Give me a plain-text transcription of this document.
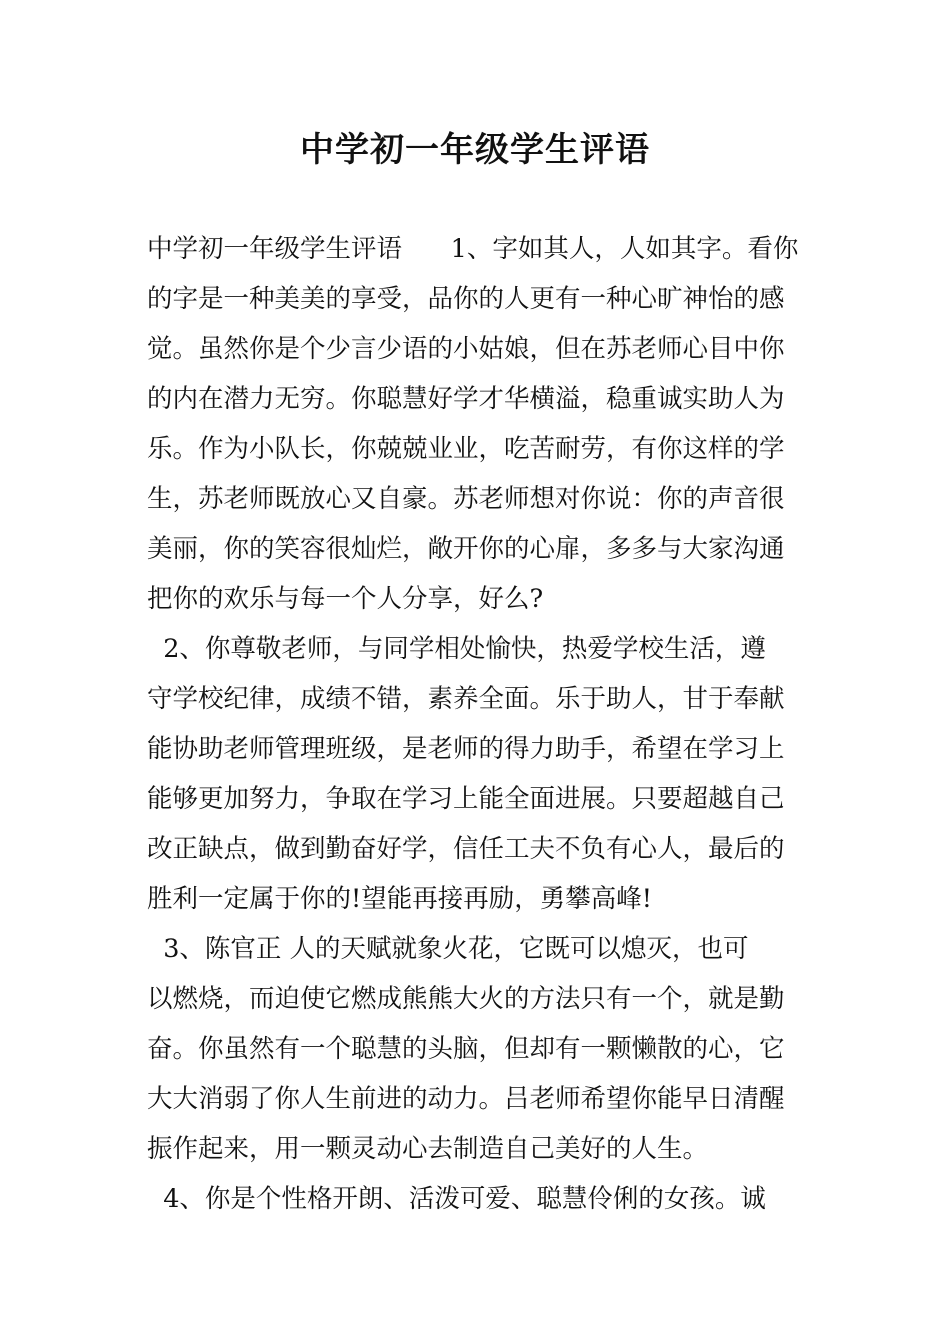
中学初一年级学生评语

中学初一年级学生评语      1、字如其人，人如其字。看你

的字是一种美美的享受，品你的人更有一种心旷神怡的感

觉。虽然你是个少言少语的小姑娘，但在苏老师心目中你

的内在潜力无穷。你聪慧好学才华横溢，稳重诚实助人为

乐。作为小队长，你兢兢业业，吃苦耐劳，有你这样的学

生，苏老师既放心又自豪。苏老师想对你说：你的声音很

美丽，你的笑容很灿烂，敞开你的心扉，多多与大家沟通

把你的欢乐与每一个人分享，好么?

2、你尊敬老师，与同学相处愉快，热爱学校生活，遵

守学校纪律，成绩不错，素养全面。乐于助人，甘于奉献

能协助老师管理班级，是老师的得力助手，希望在学习上

能够更加努力，争取在学习上能全面进展。只要超越自己

改正缺点，做到勤奋好学，信任工夫不负有心人，最后的

胜利一定属于你的!望能再接再励，勇攀高峰!

3、陈官正 人的天赋就象火花，它既可以熄灭，也可

以燃烧，而迫使它燃成熊熊大火的方法只有一个，就是勤

奋。你虽然有一个聪慧的头脑，但却有一颗懒散的心，它

大大消弱了你人生前进的动力。吕老师希望你能早日清醒

振作起来，用一颗灵动心去制造自己美好的人生。

4、你是个性格开朗、活泼可爱、聪慧伶俐的女孩。诚
